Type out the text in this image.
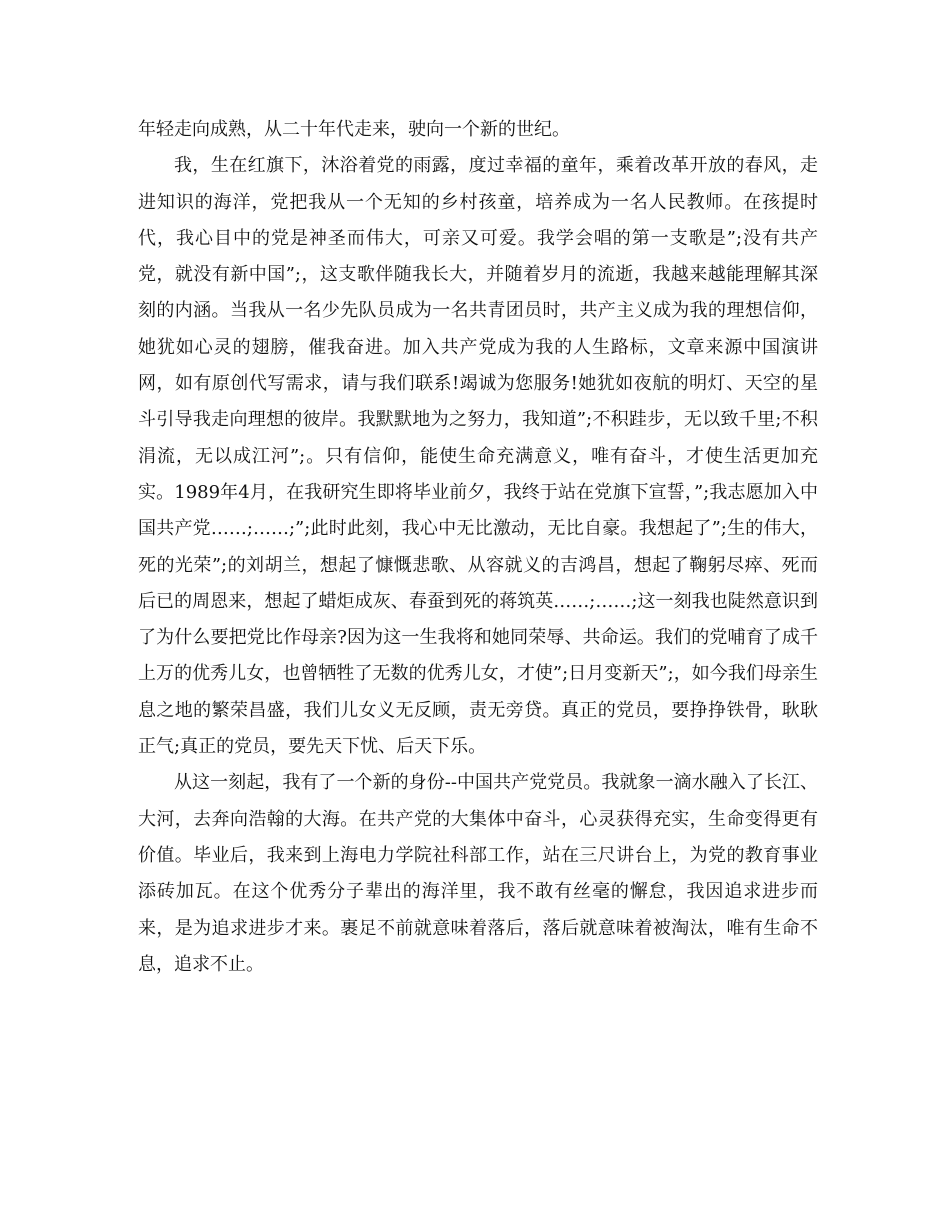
年轻走向成熟，从二十年代走来，驶向一个新的世纪。

我，生在红旗下，沐浴着党的雨露，度过幸福的童年，乘着改革开放的春风，走进知识的海洋，党把我从一个无知的乡村孩童，培养成为一名人民教师。在孩提时代，我心目中的党是神圣而伟大，可亲又可爱。我学会唱的第一支歌是”;没有共产党，就没有新中国”;，这支歌伴随我长大，并随着岁月的流逝，我越来越能理解其深刻的内涵。当我从一名少先队员成为一名共青团员时，共产主义成为我的理想信仰，她犹如心灵的翅膀，催我奋进。加入共产党成为我的人生路标，文章来源中国演讲网，如有原创代写需求，请与我们联系!竭诚为您服务!她犹如夜航的明灯、天空的星斗引导我走向理想的彼岸。我默默地为之努力，我知道”;不积跬步，无以致千里;不积涓流，无以成江河”;。只有信仰，能使生命充满意义，唯有奋斗，才使生活更加充实。1989年4月，在我研究生即将毕业前夕，我终于站在党旗下宣誓，”;我志愿加入中国共产党……;……;”;此时此刻，我心中无比激动，无比自豪。我想起了”;生的伟大，死的光荣”;的刘胡兰，想起了慷慨悲歌、从容就义的吉鸿昌，想起了鞠躬尽瘁、死而后已的周恩来，想起了蜡炬成灰、春蚕到死的蒋筑英……;……;这一刻我也陡然意识到了为什么要把党比作母亲?因为这一生我将和她同荣辱、共命运。我们的党哺育了成千上万的优秀儿女，也曾牺牲了无数的优秀儿女，才使”;日月变新天”;，如今我们母亲生息之地的繁荣昌盛，我们儿女义无反顾，责无旁贷。真正的党员，要挣挣铁骨，耿耿正气;真正的党员，要先天下忧、后天下乐。

从这一刻起，我有了一个新的身份--中国共产党党员。我就象一滴水融入了长江、大河，去奔向浩翰的大海。在共产党的大集体中奋斗，心灵获得充实，生命变得更有价值。毕业后，我来到上海电力学院社科部工作，站在三尺讲台上，为党的教育事业添砖加瓦。在这个优秀分子辈出的海洋里，我不敢有丝毫的懈怠，我因追求进步而来，是为追求进步才来。裹足不前就意味着落后，落后就意味着被淘汰，唯有生命不息，追求不止。
